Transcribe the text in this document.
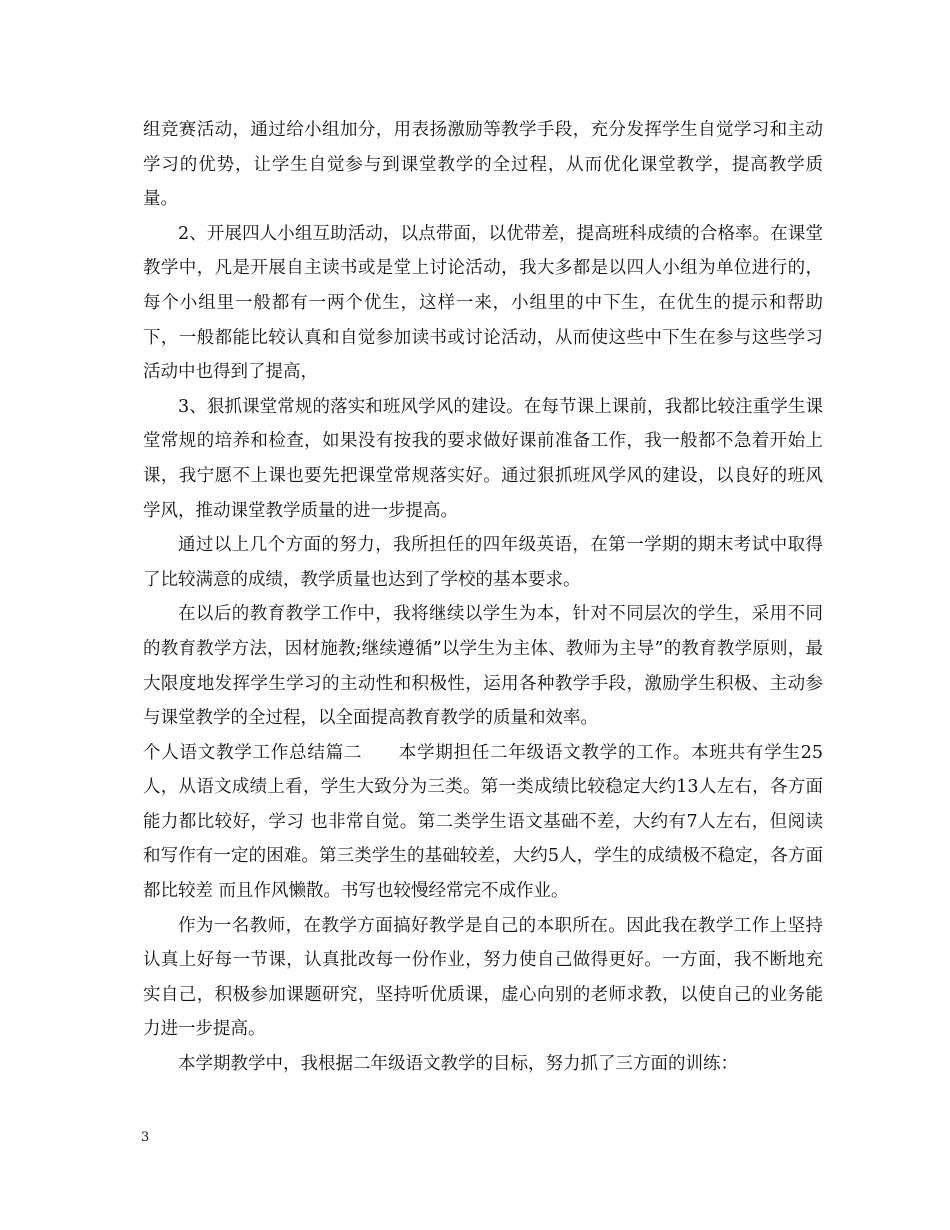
组竞赛活动，通过给小组加分，用表扬激励等教学手段，充分发挥学生自觉学习和主动学习的优势，让学生自觉参与到课堂教学的全过程，从而优化课堂教学，提高教学质量。

2、开展四人小组互助活动，以点带面，以优带差，提高班科成绩的合格率。在课堂教学中，凡是开展自主读书或是堂上讨论活动，我大多都是以四人小组为单位进行的，每个小组里一般都有一两个优生，这样一来，小组里的中下生，在优生的提示和帮助下，一般都能比较认真和自觉参加读书或讨论活动，从而使这些中下生在参与这些学习活动中也得到了提高，

3、狠抓课堂常规的落实和班风学风的建设。在每节课上课前，我都比较注重学生课堂常规的培养和检查，如果没有按我的要求做好课前准备工作，我一般都不急着开始上课，我宁愿不上课也要先把课堂常规落实好。通过狠抓班风学风的建设，以良好的班风学风，推动课堂教学质量的进一步提高。

通过以上几个方面的努力，我所担任的四年级英语，在第一学期的期末考试中取得了比较满意的成绩，教学质量也达到了学校的基本要求。

在以后的教育教学工作中，我将继续以学生为本，针对不同层次的学生，采用不同的教育教学方法，因材施教;继续遵循”以学生为主体、教师为主导”的教育教学原则，最大限度地发挥学生学习的主动性和积极性，运用各种教学手段，激励学生积极、主动参与课堂教学的全过程，以全面提高教育教学的质量和效率。

个人语文教学工作总结篇二　　本学期担任二年级语文教学的工作。本班共有学生25人，从语文成绩上看，学生大致分为三类。第一类成绩比较稳定大约13人左右，各方面能力都比较好，学习 也非常自觉。第二类学生语文基础不差，大约有7人左右，但阅读和写作有一定的困难。第三类学生的基础较差，大约5人，学生的成绩极不稳定，各方面都比较差 而且作风懒散。书写也较慢经常完不成作业。

作为一名教师，在教学方面搞好教学是自己的本职所在。因此我在教学工作上坚持认真上好每一节课，认真批改每一份作业，努力使自己做得更好。一方面，我不断地充实自己，积极参加课题研究，坚持听优质课，虚心向别的老师求教，以使自己的业务能力进一步提高。

本学期教学中，我根据二年级语文教学的目标，努力抓了三方面的训练：

3
